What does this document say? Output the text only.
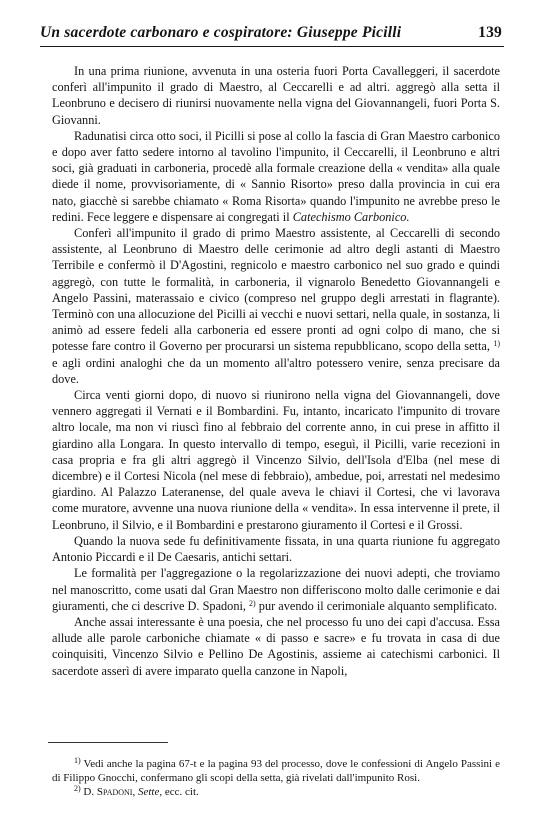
Un sacerdote carbonaro e cospiratore: Giuseppe Picilli	139

In una prima riunione, avvenuta in una osteria fuori Porta Cavalleggeri, il sacerdote conferì all'impunito il grado di Maestro, al Ceccarelli e ad altri. aggregò alla setta il Leonbruno e decisero di riunirsi nuovamente nella vigna del Giovannangeli, fuori Porta S. Giovanni.

Radunatisi circa otto soci, il Picilli si pose al collo la fascia di Gran Maestro carbonico e dopo aver fatto sedere intorno al tavolino l'impunito, il Ceccarelli, il Leonbruno e altri soci, già graduati in carboneria, procedè alla formale creazione della « vendita» alla quale diede il nome, provvisoriamente, di « Sannio Risorto» preso dalla provincia in cui era nato, giacchè si sarebbe chiamato « Roma Risorta» quando l'impunito ne avrebbe preso le redini. Fece leggere e dispensare ai congregati il Catechismo Carbonico.

Conferì all'impunito il grado di primo Maestro assistente, al Ceccarelli di secondo assistente, al Leonbruno di Maestro delle cerimonie ad altro degli astanti di Maestro Terribile e confermò il D'Agostini, regnicolo e maestro carbonico nel suo grado e quindi aggregò, con tutte le formalità, in carboneria, il vignarolo Benedetto Giovannangeli e Angelo Passini, materassaio e civico (compreso nel gruppo degli arrestati in flagrante). Terminò con una allocuzione del Picilli ai vecchi e nuovi settari, nella quale, in sostanza, li animò ad essere fedeli alla carboneria ed essere pronti ad ogni colpo di mano, che si potesse fare contro il Governo per procurarsi un sistema repubblicano, scopo della setta, $^{1)}$ e agli ordini analoghi che da un momento all'altro potessero venire, senza precisare da dove.

Circa venti giorni dopo, di nuovo si riunirono nella vigna del Giovannangeli, dove vennero aggregati il Vernati e il Bombardini. Fu, intanto, incaricato l'impunito di trovare altro locale, ma non vi riuscì fino al febbraio del corrente anno, in cui prese in affitto il giardino alla Longara. In questo intervallo di tempo, eseguì, il Picilli, varie recezioni in casa propria e fra gli altri aggregò il Vincenzo Silvio, dell'Isola d'Elba (nel mese di dicembre) e il Cortesi Nicola (nel mese di febbraio), ambedue, poi, arrestati nel medesimo giardino. Al Palazzo Lateranense, del quale aveva le chiavi il Cortesi, che vi lavorava come muratore, avvenne una nuova riunione della « vendita». In essa intervenne il prete, il Leonbruno, il Silvio, e il Bombardini e prestarono giuramento il Cortesi e il Grossi.

Quando la nuova sede fu definitivamente fissata, in una quarta riunione fu aggregato Antonio Piccardi e il De Caesaris, antichi settari.

Le formalità per l'aggregazione o la regolarizzazione dei nuovi adepti, che troviamo nel manoscritto, come usati dal Gran Maestro non differiscono molto dalle cerimonie e dai giuramenti, che ci descrive D. Spadoni, $^{2)}$ pur avendo il cerimoniale alquanto semplificato.

Anche assai interessante è una poesia, che nel processo fu uno dei capi d'accusa. Essa allude alle parole carboniche chiamate « di passo e sacre» e fu trovata in casa di due coinquisiti, Vincenzo Silvio e Pellino De Agostinis, assieme ai catechismi carbonici. Il sacerdote asserì di avere imparato quella canzone in Napoli,

$^{1)}$ Vedi anche la pagina 67-t e la pagina 93 del processo, dove le confessioni di Angelo Passini e di Filippo Gnocchi, confermano gli scopi della setta, già rivelati dall'impunito Rosi.

$^{2)}$ D. Spadoni, Sette, ecc. cit.
